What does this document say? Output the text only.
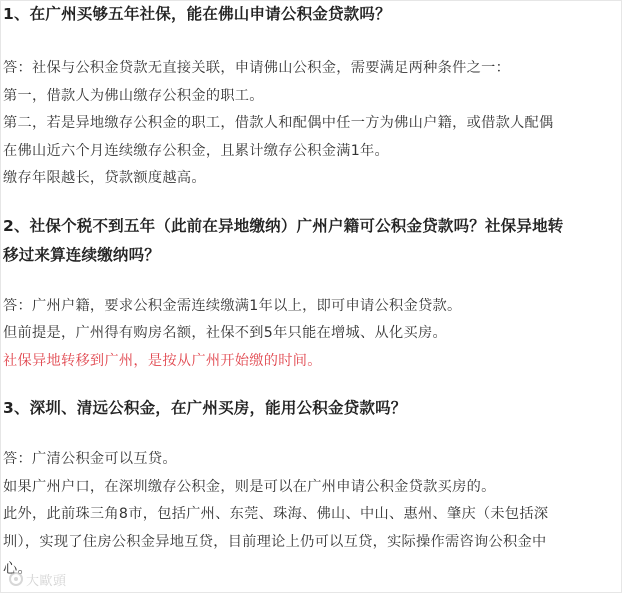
1、在广州买够五年社保，能在佛山申请公积金贷款吗？

答：社保与公积金贷款无直接关联，申请佛山公积金，需要满足两种条件之一：

第一，借款人为佛山缴存公积金的职工。

第二，若是异地缴存公积金的职工，借款人和配偶中任一方为佛山户籍，或借款人配偶

在佛山近六个月连续缴存公积金，且累计缴存公积金满1年。

缴存年限越长，贷款额度越高。

2、社保个税不到五年（此前在异地缴纳）广州户籍可公积金贷款吗？社保异地转

移过来算连续缴纳吗？

答：广州户籍，要求公积金需连续缴满1年以上，即可申请公积金贷款。

但前提是，广州得有购房名额，社保不到5年只能在增城、从化买房。

社保异地转移到广州，是按从广州开始缴的时间。

3、深圳、清远公积金，在广州买房，能用公积金贷款吗？

答：广清公积金可以互贷。

如果广州户口，在深圳缴存公积金，则是可以在广州申请公积金贷款买房的。

此外，此前珠三角8市，包括广州、东莞、珠海、佛山、中山、惠州、肇庆（未包括深

圳），实现了住房公积金异地互贷，目前理论上仍可以互贷，实际操作需咨询公积金中

心。

大歐頭
